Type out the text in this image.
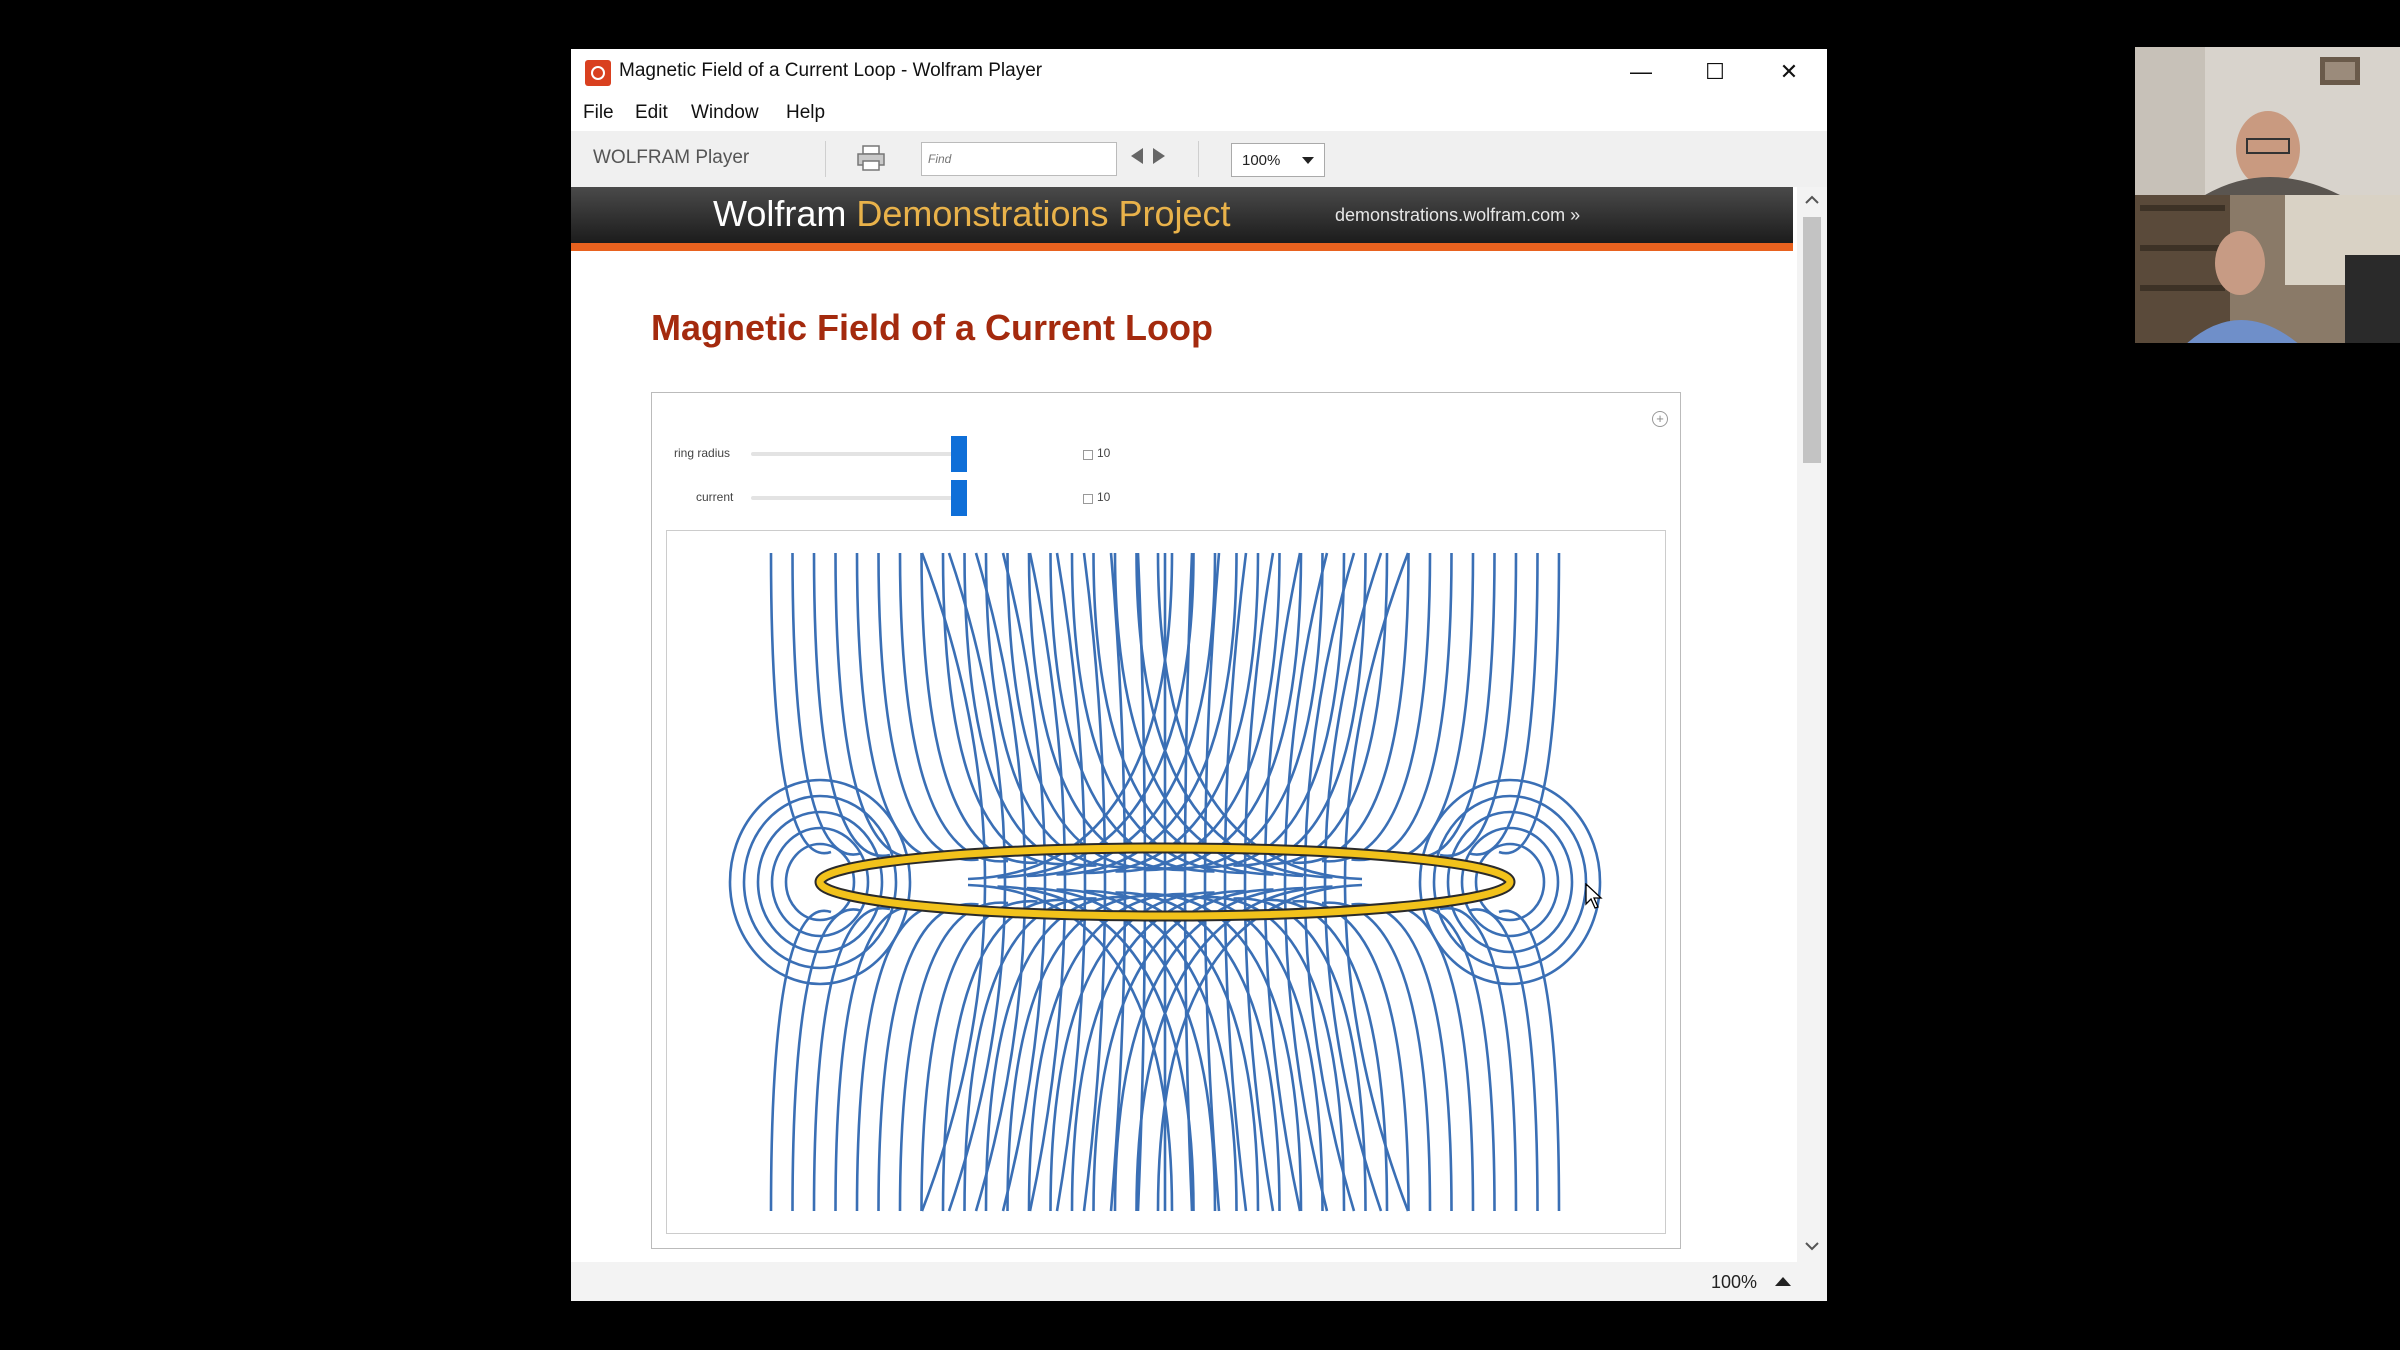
Magnetic Field of a Current Loop - Wolfram Player	—	☐	✕
File Edit Window Help
WOLFRAM Player
Find	100%
Wolfram Demonstrations Project	demonstrations.wolfram.com »
Magnetic Field of a Current Loop
+
ring radius	10
current	10
100%
